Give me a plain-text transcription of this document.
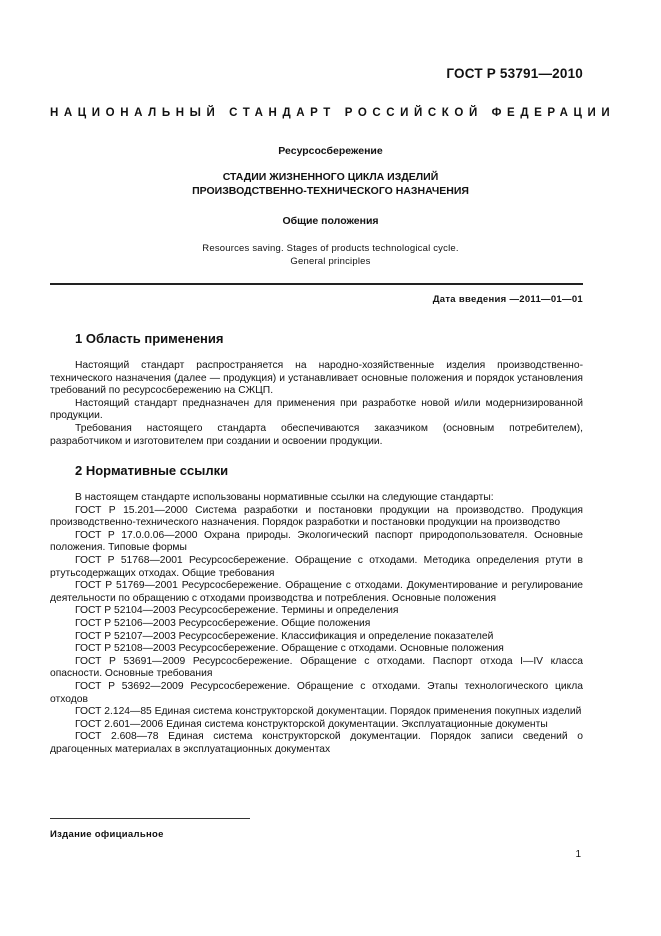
ГОСТ Р 53791—2010
НАЦИОНАЛЬНЫЙ СТАНДАРТ РОССИЙСКОЙ ФЕДЕРАЦИИ
Ресурсосбережение
СТАДИИ ЖИЗНЕННОГО ЦИКЛА ИЗДЕЛИЙ
ПРОИЗВОДСТВЕННО-ТЕХНИЧЕСКОГО НАЗНАЧЕНИЯ
Общие положения
Resources saving. Stages of products technological cycle.
General principles
Дата введения —2011—01—01
1 Область применения

Настоящий стандарт распространяется на народно-хозяйственные изделия производственно-технического назначения (далее — продукция) и устанавливает основные положения и порядок установления требований по ресурсосбережению на СЖЦП.

Настоящий стандарт предназначен для применения при разработке новой и/или модернизированной продукции.

Требования настоящего стандарта обеспечиваются заказчиком (основным потребителем), разработчиком и изготовителем при создании и освоении продукции.

2 Нормативные ссылки

В настоящем стандарте использованы нормативные ссылки на следующие стандарты:

ГОСТ Р 15.201—2000 Система разработки и постановки продукции на производство. Продукция производственно-технического назначения. Порядок разработки и постановки продукции на производство

ГОСТ Р 17.0.0.06—2000 Охрана природы. Экологический паспорт природопользователя. Основные положения. Типовые формы

ГОСТ Р 51768—2001 Ресурсосбережение. Обращение с отходами. Методика определения ртути в ртутьсодержащих отходах. Общие требования

ГОСТ Р 51769—2001 Ресурсосбережение. Обращение с отходами. Документирование и регулирование деятельности по обращению с отходами производства и потребления. Основные положения

ГОСТ Р 52104—2003 Ресурсосбережение. Термины и определения

ГОСТ Р 52106—2003 Ресурсосбережение. Общие положения

ГОСТ Р 52107—2003 Ресурсосбережение. Классификация и определение показателей

ГОСТ Р 52108—2003 Ресурсосбережение. Обращение с отходами. Основные положения

ГОСТ Р 53691—2009 Ресурсосбережение. Обращение с отходами. Паспорт отхода I—IV класса опасности. Основные требования

ГОСТ Р 53692—2009 Ресурсосбережение. Обращение с отходами. Этапы технологического цикла отходов

ГОСТ 2.124—85 Единая система конструкторской документации. Порядок применения покупных изделий

ГОСТ 2.601—2006 Единая система конструкторской документации. Эксплуатационные документы

ГОСТ 2.608—78 Единая система конструкторской документации. Порядок записи сведений о драгоценных материалах в эксплуатационных документах

Издание официальное
1
